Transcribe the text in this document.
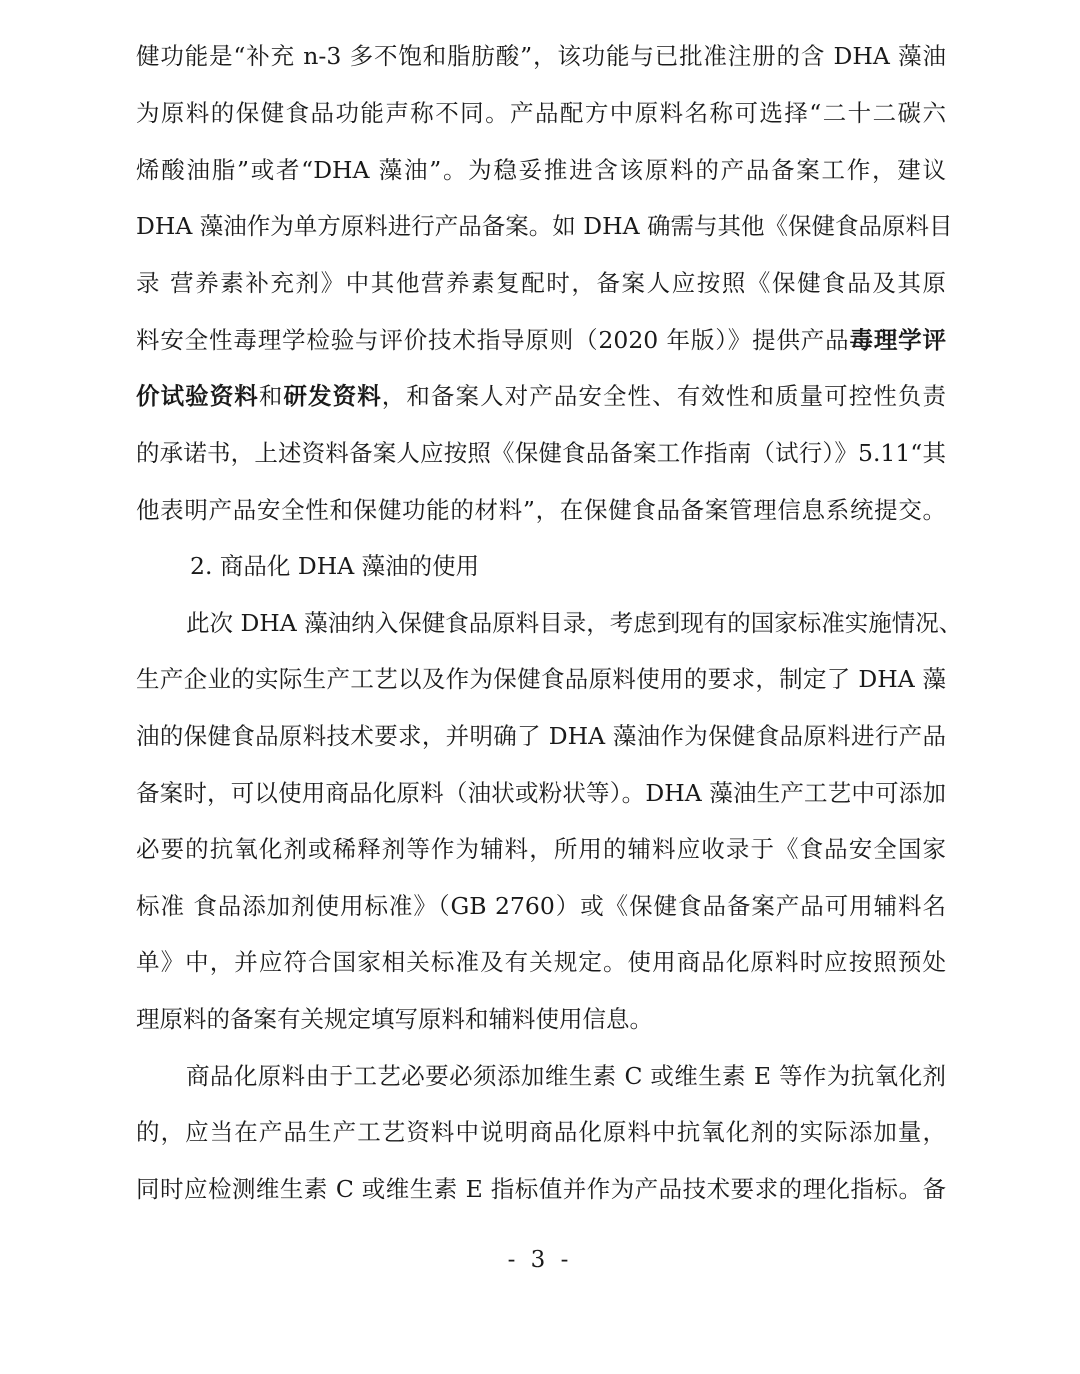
健功能是“补充 n-3 多不饱和脂肪酸”，该功能与已批准注册的含 DHA 藻油
为原料的保健食品功能声称不同。产品配方中原料名称可选择“二十二碳六
烯酸油脂”或者“DHA 藻油”。为稳妥推进含该原料的产品备案工作，建议
DHA 藻油作为单方原料进行产品备案。如 DHA 确需与其他《保健食品原料目
录 营养素补充剂》中其他营养素复配时，备案人应按照《保健食品及其原
料安全性毒理学检验与评价技术指导原则（2020 年版）》提供产品毒理学评
价试验资料和研发资料，和备案人对产品安全性、有效性和质量可控性负责
的承诺书，上述资料备案人应按照《保健食品备案工作指南（试行）》5.11“其
他表明产品安全性和保健功能的材料”，在保健食品备案管理信息系统提交。
2. 商品化 DHA 藻油的使用
此次 DHA 藻油纳入保健食品原料目录，考虑到现有的国家标准实施情况、
生产企业的实际生产工艺以及作为保健食品原料使用的要求，制定了 DHA 藻
油的保健食品原料技术要求，并明确了 DHA 藻油作为保健食品原料进行产品
备案时，可以使用商品化原料（油状或粉状等）。DHA 藻油生产工艺中可添加
必要的抗氧化剂或稀释剂等作为辅料，所用的辅料应收录于《食品安全国家
标准 食品添加剂使用标准》（GB 2760）或《保健食品备案产品可用辅料名
单》中，并应符合国家相关标准及有关规定。使用商品化原料时应按照预处
理原料的备案有关规定填写原料和辅料使用信息。
商品化原料由于工艺必要必须添加维生素 C 或维生素 E 等作为抗氧化剂
的，应当在产品生产工艺资料中说明商品化原料中抗氧化剂的实际添加量，
同时应检测维生素 C 或维生素 E 指标值并作为产品技术要求的理化指标。备
- 3 -
